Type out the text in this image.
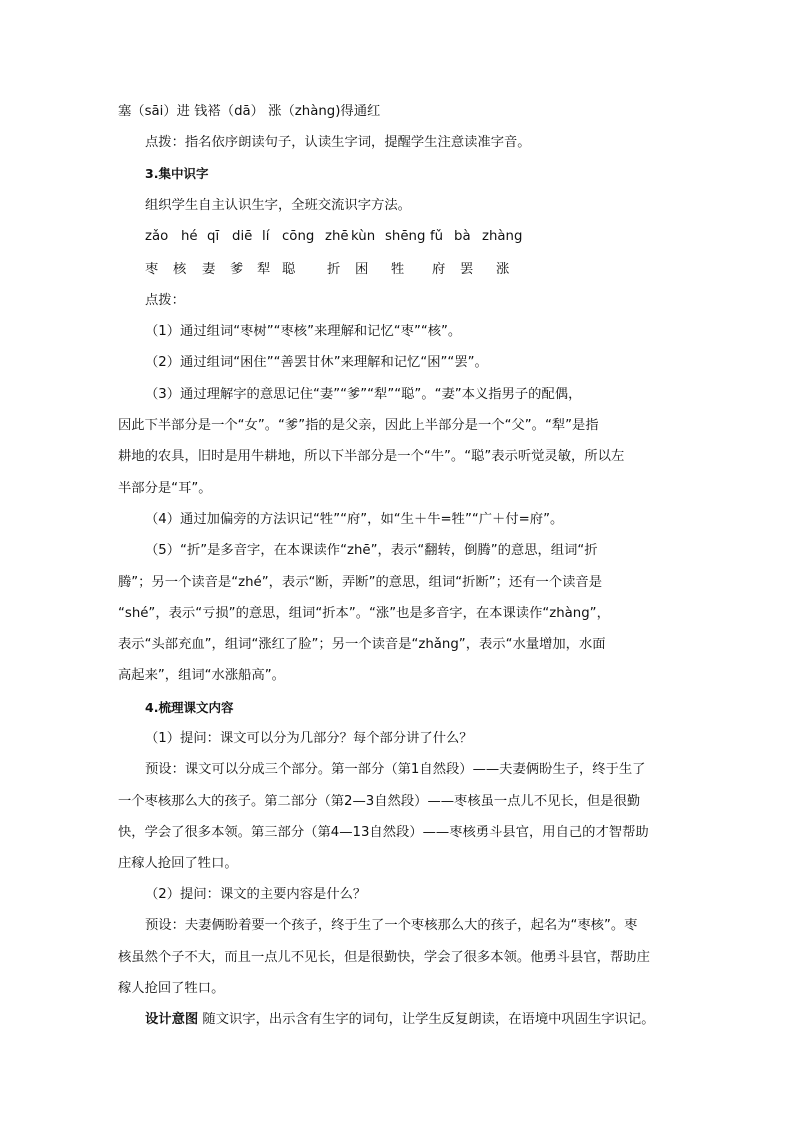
塞（sāi）进 钱褡（dā） 涨（zhàng)得通红
点拨：指名依序朗读句子，认读生字词，提醒学生注意读准字音。
3.集中识字
组织学生自主认识生字，全班交流识字方法。
zǎo hé qī diē lí cōng zhē kùn shēng fǔ bà zhàng
枣 核 妻 爹 犁 聪 折 困 牲 府 罢 涨
点拨：
（1）通过组词“枣树”“枣核”来理解和记忆“枣”“核”。
（2）通过组词“困住”“善罢甘休”来理解和记忆“困”“罢”。
（3）通过理解字的意思记住“妻”“爹”“犁”“聪”。“妻”本义指男子的配偶，
因此下半部分是一个“女”。“爹”指的是父亲，因此上半部分是一个“父”。“犁”是指
耕地的农具，旧时是用牛耕地，所以下半部分是一个“牛”。“聪”表示听觉灵敏，所以左
半部分是“耳”。
（4）通过加偏旁的方法识记“牲”“府”，如“生＋牛=牲”“广＋付=府”。
（5）“折”是多音字，在本课读作“zhē”，表示“翻转，倒腾”的意思，组词“折
腾”；另一个读音是“zhé”，表示“断，弄断”的意思，组词“折断”；还有一个读音是
“shé”，表示“亏损”的意思，组词“折本”。“涨”也是多音字，在本课读作“zhàng”，
表示“头部充血”，组词“涨红了脸”；另一个读音是“zhǎng”，表示“水量增加，水面
高起来”，组词“水涨船高”。
4.梳理课文内容
（1）提问：课文可以分为几部分？每个部分讲了什么？
预设：课文可以分成三个部分。第一部分（第1自然段）——夫妻俩盼生子，终于生了
一个枣核那么大的孩子。第二部分（第2—3自然段）——枣核虽一点儿不见长，但是很勤
快，学会了很多本领。第三部分（第4—13自然段）——枣核勇斗县官，用自己的才智帮助
庄稼人抢回了牲口。
（2）提问：课文的主要内容是什么？
预设：夫妻俩盼着要一个孩子，终于生了一个枣核那么大的孩子，起名为“枣核”。枣
核虽然个子不大，而且一点儿不见长，但是很勤快，学会了很多本领。他勇斗县官，帮助庄
稼人抢回了牲口。
设计意图 随文识字，出示含有生字的词句，让学生反复朗读，在语境中巩固生字识记。
